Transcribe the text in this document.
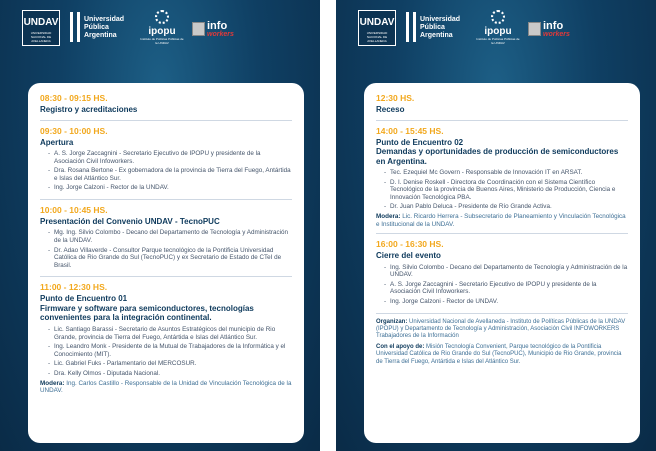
UNDAV
UNIVERSIDAD NACIONAL DE AVELLANEDA
Universidad
Pública
Argentina	ipopu
Instituto de Políticas Públicas de la UNDAV
info
workers
08:30 - 09:15 HS.
Registro y acreditaciones
09:30 - 10:00 HS.
Apertura
- A. S. Jorge Zaccagnini - Secretario Ejecutivo de IPOPU y presidente de la Asociación Civil Infoworkers.
- Dra. Rosana Bertone - Ex gobernadora de la provincia de Tierra del Fuego, Antártida e Islas del Atlántico Sur.
- Ing. Jorge Calzoni - Rector de la UNDAV.
10:00 - 10:45 HS.
Presentación del Convenio UNDAV - TecnoPUC
- Mg. Ing. Silvio Colombo - Decano del Departamento de Tecnología y Administración de la UNDAV.
- Dr. Adao Villaverde - Consultor Parque tecnológico de la Pontificia Universidad Católica de Rio Grande do Sul (TecnoPUC) y ex Secretario de Estado de CTeI de Brasil.
11:00 - 12:30 HS.
Punto de Encuentro 01
Firmware y software para semiconductores, tecnologías convenientes para la integración continental.
- Lic. Santiago Barassi - Secretario de Asuntos Estratégicos del municipio de Rio Grande, provincia de Tierra del Fuego, Antártida e Islas del Atlántico Sur.
- Ing. Leandro Monk - Presidente de la Mutual de Trabajadores de la Informática y el Conocimiento (MIT).
- Lic. Gabriel Fuks - Parlamentario del MERCOSUR.
- Dra. Kelly Olmos - Diputada Nacional.
Modera: Ing. Carlos Castillo - Responsable de la Unidad de Vinculación Tecnológica de la UNDAV.
UNDAV
UNIVERSIDAD NACIONAL DE AVELLANEDA
Universidad
Pública
Argentina	ipopu
Instituto de Políticas Públicas de la UNDAV
info
workers
12:30 HS.
Receso
14:00 - 15:45 HS.
Punto de Encuentro 02
Demandas y oportunidades de producción de semiconductores en Argentina.
- Tec. Ezequiel Mc Govern - Responsable de Innovación IT en ARSAT.
- D. I. Denise Roskell - Directora de Coordinación con el Sistema Científico Tecnológico de la provincia de Buenos Aires, Ministerio de Producción, Ciencia e Innovación Tecnológica PBA.
- Dr. Juan Pablo Deluca - Presidente de Río Grande Activa.
Modera: Lic. Ricardo Herrera - Subsecretario de Planeamiento y Vinculación Tecnológica e Institucional de la UNDAV.
16:00 - 16:30 HS.
Cierre del evento
- Ing. Silvio Colombo - Decano del Departamento de Tecnología y Administración de la UNDAV.
- A. S. Jorge Zaccagnini - Secretario Ejecutivo de IPOPU y presidente de la Asociación Civil Infoworkers.
- Ing. Jorge Calzoni - Rector de UNDAV.
Organizan: Universidad Nacional de Avellaneda - Instituto de Políticas Públicas de la UNDAV (IPOPU) y Departamento de Tecnología y Administración, Asociación Civil INFOWORKERS Trabajadores de la Información
Con el apoyo de: Misión Tecnología Convenient, Parque tecnológico de la Pontificia Universidad Católica de Rio Grande do Sul (TecnoPUC), Municipio de Rio Grande, provincia de Tierra del Fuego, Antártida e Islas del Atlántico Sur.
